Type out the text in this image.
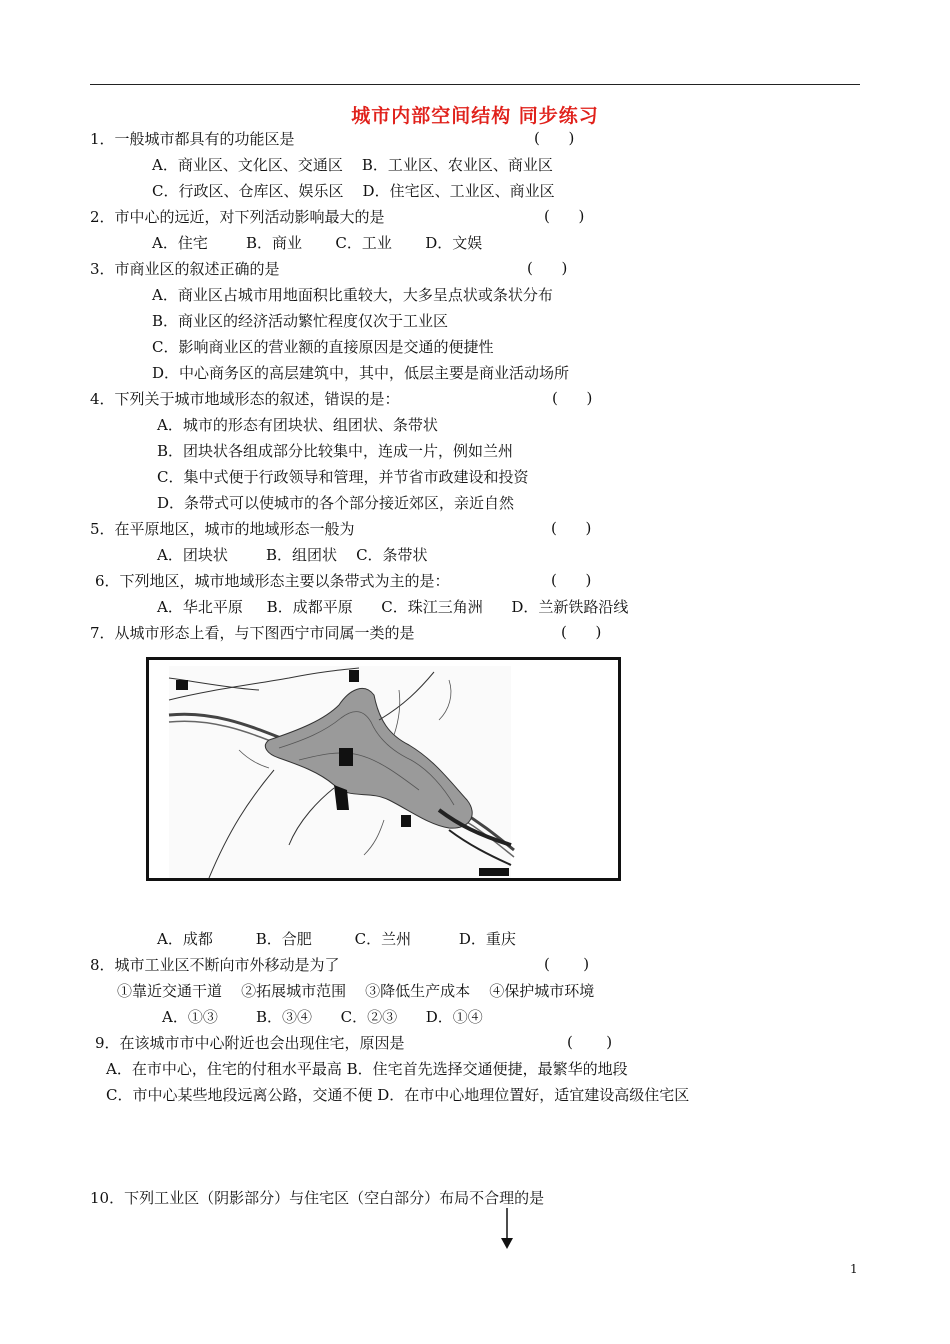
城市内部空间结构 同步练习
1．一般城市都具有的功能区是	(      )
A．商业区、文化区、交通区    B．工业区、农业区、商业区
C．行政区、仓库区、娱乐区    D．住宅区、工业区、商业区
2．市中心的远近，对下列活动影响最大的是	(      )
A．住宅        B．商业       C．工业       D．文娱
3．市商业区的叙述正确的是	(      )
A．商业区占城市用地面积比重较大，大多呈点状或条状分布
B．商业区的经济活动繁忙程度仅次于工业区
C．影响商业区的营业额的直接原因是交通的便捷性
D．中心商务区的高层建筑中，其中，低层主要是商业活动场所
4．下列关于城市地域形态的叙述，错误的是：	(      )
A．城市的形态有团块状、组团状、条带状
B．团块状各组成部分比较集中，连成一片，例如兰州
C．集中式便于行政领导和管理，并节省市政建设和投资
D．条带式可以使城市的各个部分接近郊区，亲近自然
5．在平原地区，城市的地域形态一般为	(      )
A．团块状        B．组团状    C．条带状
6．下列地区，城市地域形态主要以条带式为主的是：	(      )
A．华北平原     B．成都平原      C．珠江三角洲      D．兰新铁路沿线
7．从城市形态上看，与下图西宁市同属一类的是	(      )
A．成都         B．合肥         C．兰州          D．重庆
8．城市工业区不断向市外移动是为了	(       )
①靠近交通干道    ②拓展城市范围    ③降低生产成本    ④保护城市环境
A．①③        B．③④      C．②③      D．①④
9．在该城市市中心附近也会出现住宅，原因是	(       )
A．在市中心，住宅的付租水平最高 B．住宅首先选择交通便捷，最繁华的地段
C．市中心某些地段远离公路，交通不便 D．在市中心地理位置好，适宜建设高级住宅区
10．下列工业区（阴影部分）与住宅区（空白部分）布局不合理的是
1
